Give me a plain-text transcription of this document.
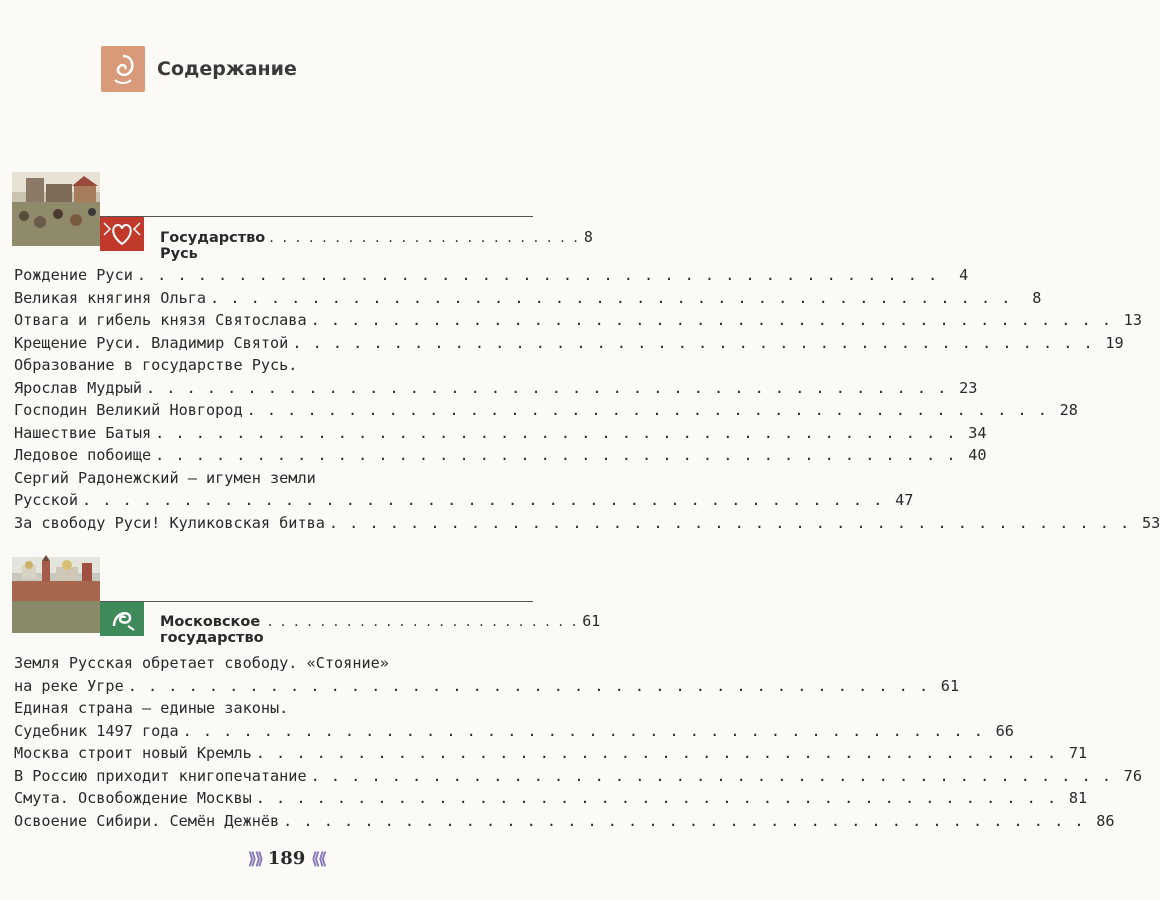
Содержание
Государство Русь
. . . . . . . . . . . . . . . . . . . . . . . . 8
Рождение Руси . . . . . . . . . . . . . . . . . . . . . . . . . . . . . . . . . . . . . . . .	4
Великая княгиня Ольга . . . . . . . . . . . . . . . . . . . . . . . . . . . . . . . . . . . . . . . .	8
Отвага и гибель князя Святослава . . . . . . . . . . . . . . . . . . . . . . . . . . . . . . . . . . . . . . . . 13
Крещение Руси. Владимир Святой . . . . . . . . . . . . . . . . . . . . . . . . . . . . . . . . . . . . . . . . 19
Образование в государстве Русь.
Ярослав Мудрый . . . . . . . . . . . . . . . . . . . . . . . . . . . . . . . . . . . . . . . . 23
Господин Великий Новгород . . . . . . . . . . . . . . . . . . . . . . . . . . . . . . . . . . . . . . . . 28
Нашествие Батыя . . . . . . . . . . . . . . . . . . . . . . . . . . . . . . . . . . . . . . . . 34
Ледовое побоище . . . . . . . . . . . . . . . . . . . . . . . . . . . . . . . . . . . . . . . . 40
Сергий Радонежский — игумен земли
Русской . . . . . . . . . . . . . . . . . . . . . . . . . . . . . . . . . . . . . . . . 47
За свободу Руси! Куликовская битва . . . . . . . . . . . . . . . . . . . . . . . . . . . . . . . . . . . . . . . . 53
Московское государство
. . . . . . . . . . . . . . . . . . . . . . . . 61
Земля Русская обретает свободу. «Стояние»
на реке Угре . . . . . . . . . . . . . . . . . . . . . . . . . . . . . . . . . . . . . . . . 61
Единая страна — единые законы.
Судебник 1497 года . . . . . . . . . . . . . . . . . . . . . . . . . . . . . . . . . . . . . . . . 66
Москва строит новый Кремль . . . . . . . . . . . . . . . . . . . . . . . . . . . . . . . . . . . . . . . . 71
В Россию приходит книгопечатание . . . . . . . . . . . . . . . . . . . . . . . . . . . . . . . . . . . . . . . . 76
Смута. Освобождение Москвы . . . . . . . . . . . . . . . . . . . . . . . . . . . . . . . . . . . . . . . . 81
Освоение Сибири. Семён Дежнёв . . . . . . . . . . . . . . . . . . . . . . . . . . . . . . . . . . . . . . . . 86
⟫⟫ 189 ⟪⟪
